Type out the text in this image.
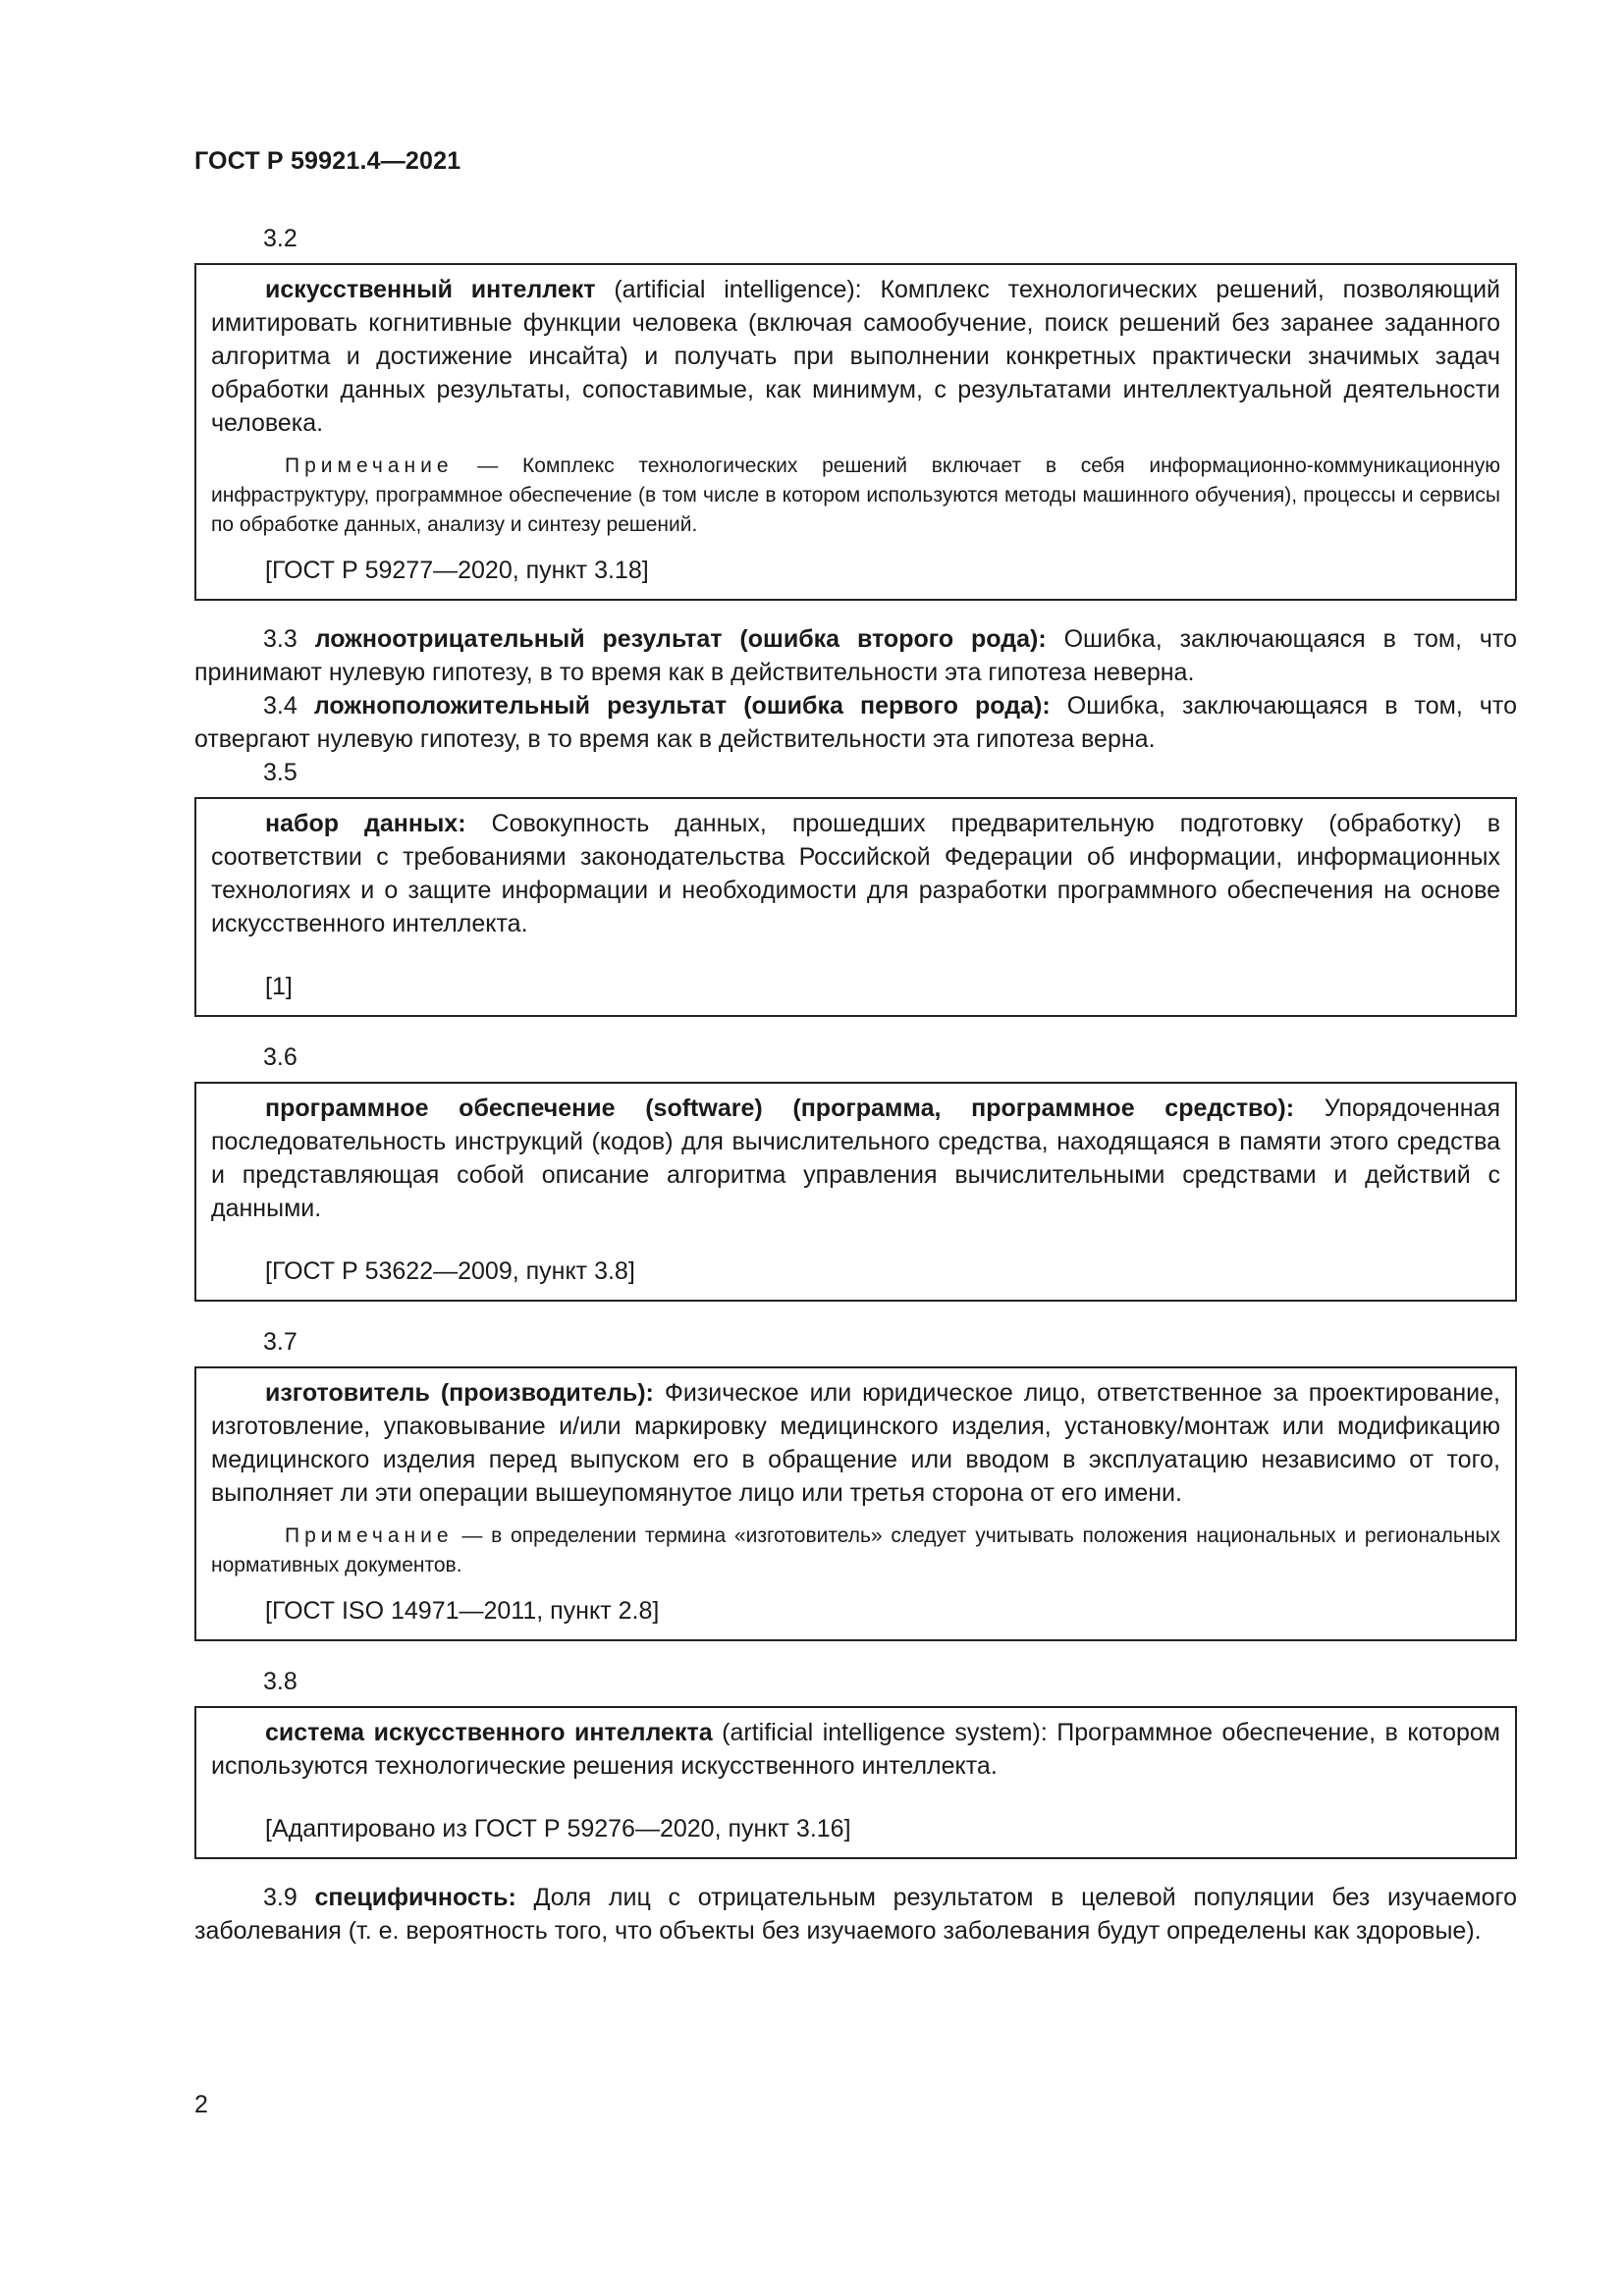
ГОСТ Р 59921.4—2021
3.2

искусственный интеллект (artificial intelligence): Комплекс технологических решений, позволяющий имитировать когнитивные функции человека (включая самообучение, поиск решений без заранее заданного алгоритма и достижение инсайта) и получать при выполнении конкретных практически значимых задач обработки данных результаты, сопоставимые, как минимум, с результатами интеллектуальной деятельности человека.

Примечание — Комплекс технологических решений включает в себя информационно-коммуникационную инфраструктуру, программное обеспечение (в том числе в котором используются методы машинного обучения), процессы и сервисы по обработке данных, анализу и синтезу решений.

[ГОСТ Р 59277—2020, пункт 3.18]

3.3 ложноотрицательный результат (ошибка второго рода): Ошибка, заключающаяся в том, что принимают нулевую гипотезу, в то время как в действительности эта гипотеза неверна.

3.4 ложноположительный результат (ошибка первого рода): Ошибка, заключающаяся в том, что отвергают нулевую гипотезу, в то время как в действительности эта гипотеза верна.

3.5

набор данных: Совокупность данных, прошедших предварительную подготовку (обработку) в соответствии с требованиями законодательства Российской Федерации об информации, информационных технологиях и о защите информации и необходимости для разработки программного обеспечения на основе искусственного интеллекта.

[1]
3.6

программное обеспечение (software) (программа, программное средство): Упорядоченная последовательность инструкций (кодов) для вычислительного средства, находящаяся в памяти этого средства и представляющая собой описание алгоритма управления вычислительными средствами и действий с данными.

[ГОСТ Р 53622—2009, пункт 3.8]
3.7

изготовитель (производитель): Физическое или юридическое лицо, ответственное за проектирование, изготовление, упаковывание и/или маркировку медицинского изделия, установку/монтаж или модификацию медицинского изделия перед выпуском его в обращение или вводом в эксплуатацию независимо от того, выполняет ли эти операции вышеупомянутое лицо или третья сторона от его имени.

Примечание — в определении термина «изготовитель» следует учитывать положения национальных и региональных нормативных документов.

[ГОСТ ISO 14971—2011, пункт 2.8]
3.8

система искусственного интеллекта (artificial intelligence system): Программное обеспечение, в котором используются технологические решения искусственного интеллекта.

[Адаптировано из ГОСТ Р 59276—2020, пункт 3.16]

3.9 специфичность: Доля лиц с отрицательным результатом в целевой популяции без изучаемого заболевания (т. е. вероятность того, что объекты без изучаемого заболевания будут определены как здоровые).

2
